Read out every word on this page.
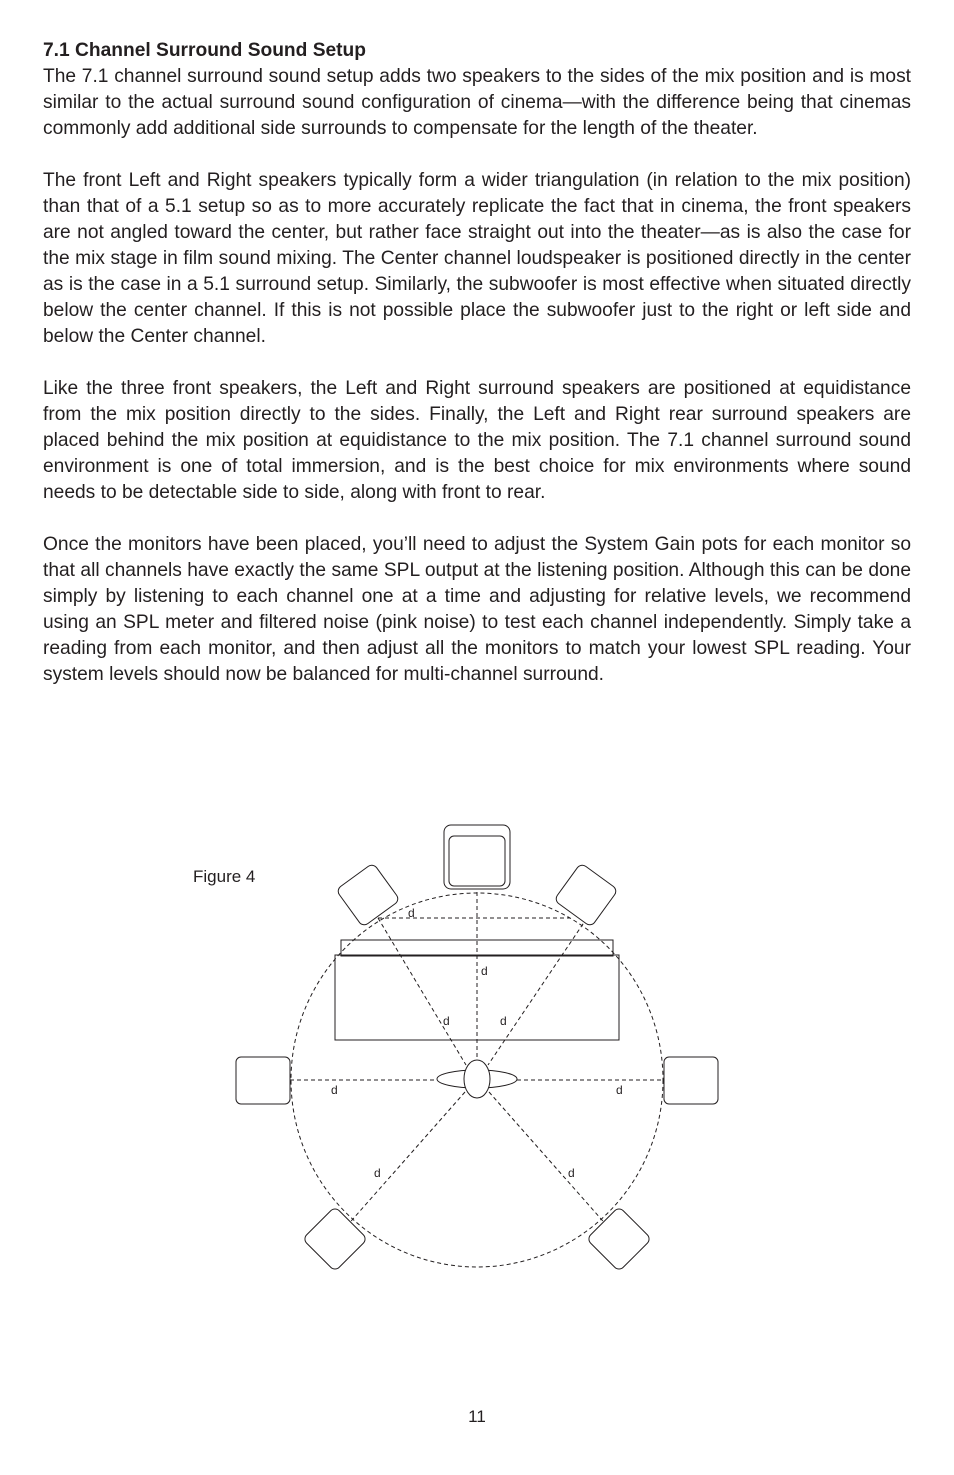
7.1 Channel Surround Sound Setup

The 7.1 channel surround sound setup adds two speakers to the sides of the mix position and is most similar to the actual surround sound configuration of cinema—with the difference being that cinemas commonly add additional side surrounds to compensate for the length of the theater.

The front Left and Right speakers typically form a wider triangulation (in relation to the mix position) than that of a 5.1 setup so as to more accurately replicate the fact that in cinema, the front speakers are not angled toward the center, but rather face straight out into the theater—as is also the case for the mix stage in film sound mixing. The Center channel loudspeaker is positioned directly in the center as is the case in a 5.1 surround setup. Similarly, the subwoofer is most effective when situated directly below the center channel. If this is not possible place the subwoofer just to the right or left side and below the Center channel.

Like the three front speakers, the Left and Right surround speakers are positioned at equidistance from the mix position directly to the sides. Finally, the Left and Right rear surround speakers are placed behind the mix position at equidistance to the mix position. The 7.1 channel surround sound environment is one of total immersion, and is the best choice for mix environments where sound needs to be detectable side to side, along with front to rear.

Once the monitors have been placed, you’ll need to adjust the System Gain pots for each monitor so that all channels have exactly the same SPL output at the listening position. Although this can be done simply by listening to each channel one at a time and adjusting for relative levels, we recommend using an SPL meter and filtered noise (pink noise) to test each channel independently. Simply take a reading from each monitor, and then adjust all the monitors to match your lowest SPL reading. Your system levels should now be balanced for multi-channel surround.

Figure 4
d
d
d	d
d	d
d	d
11
